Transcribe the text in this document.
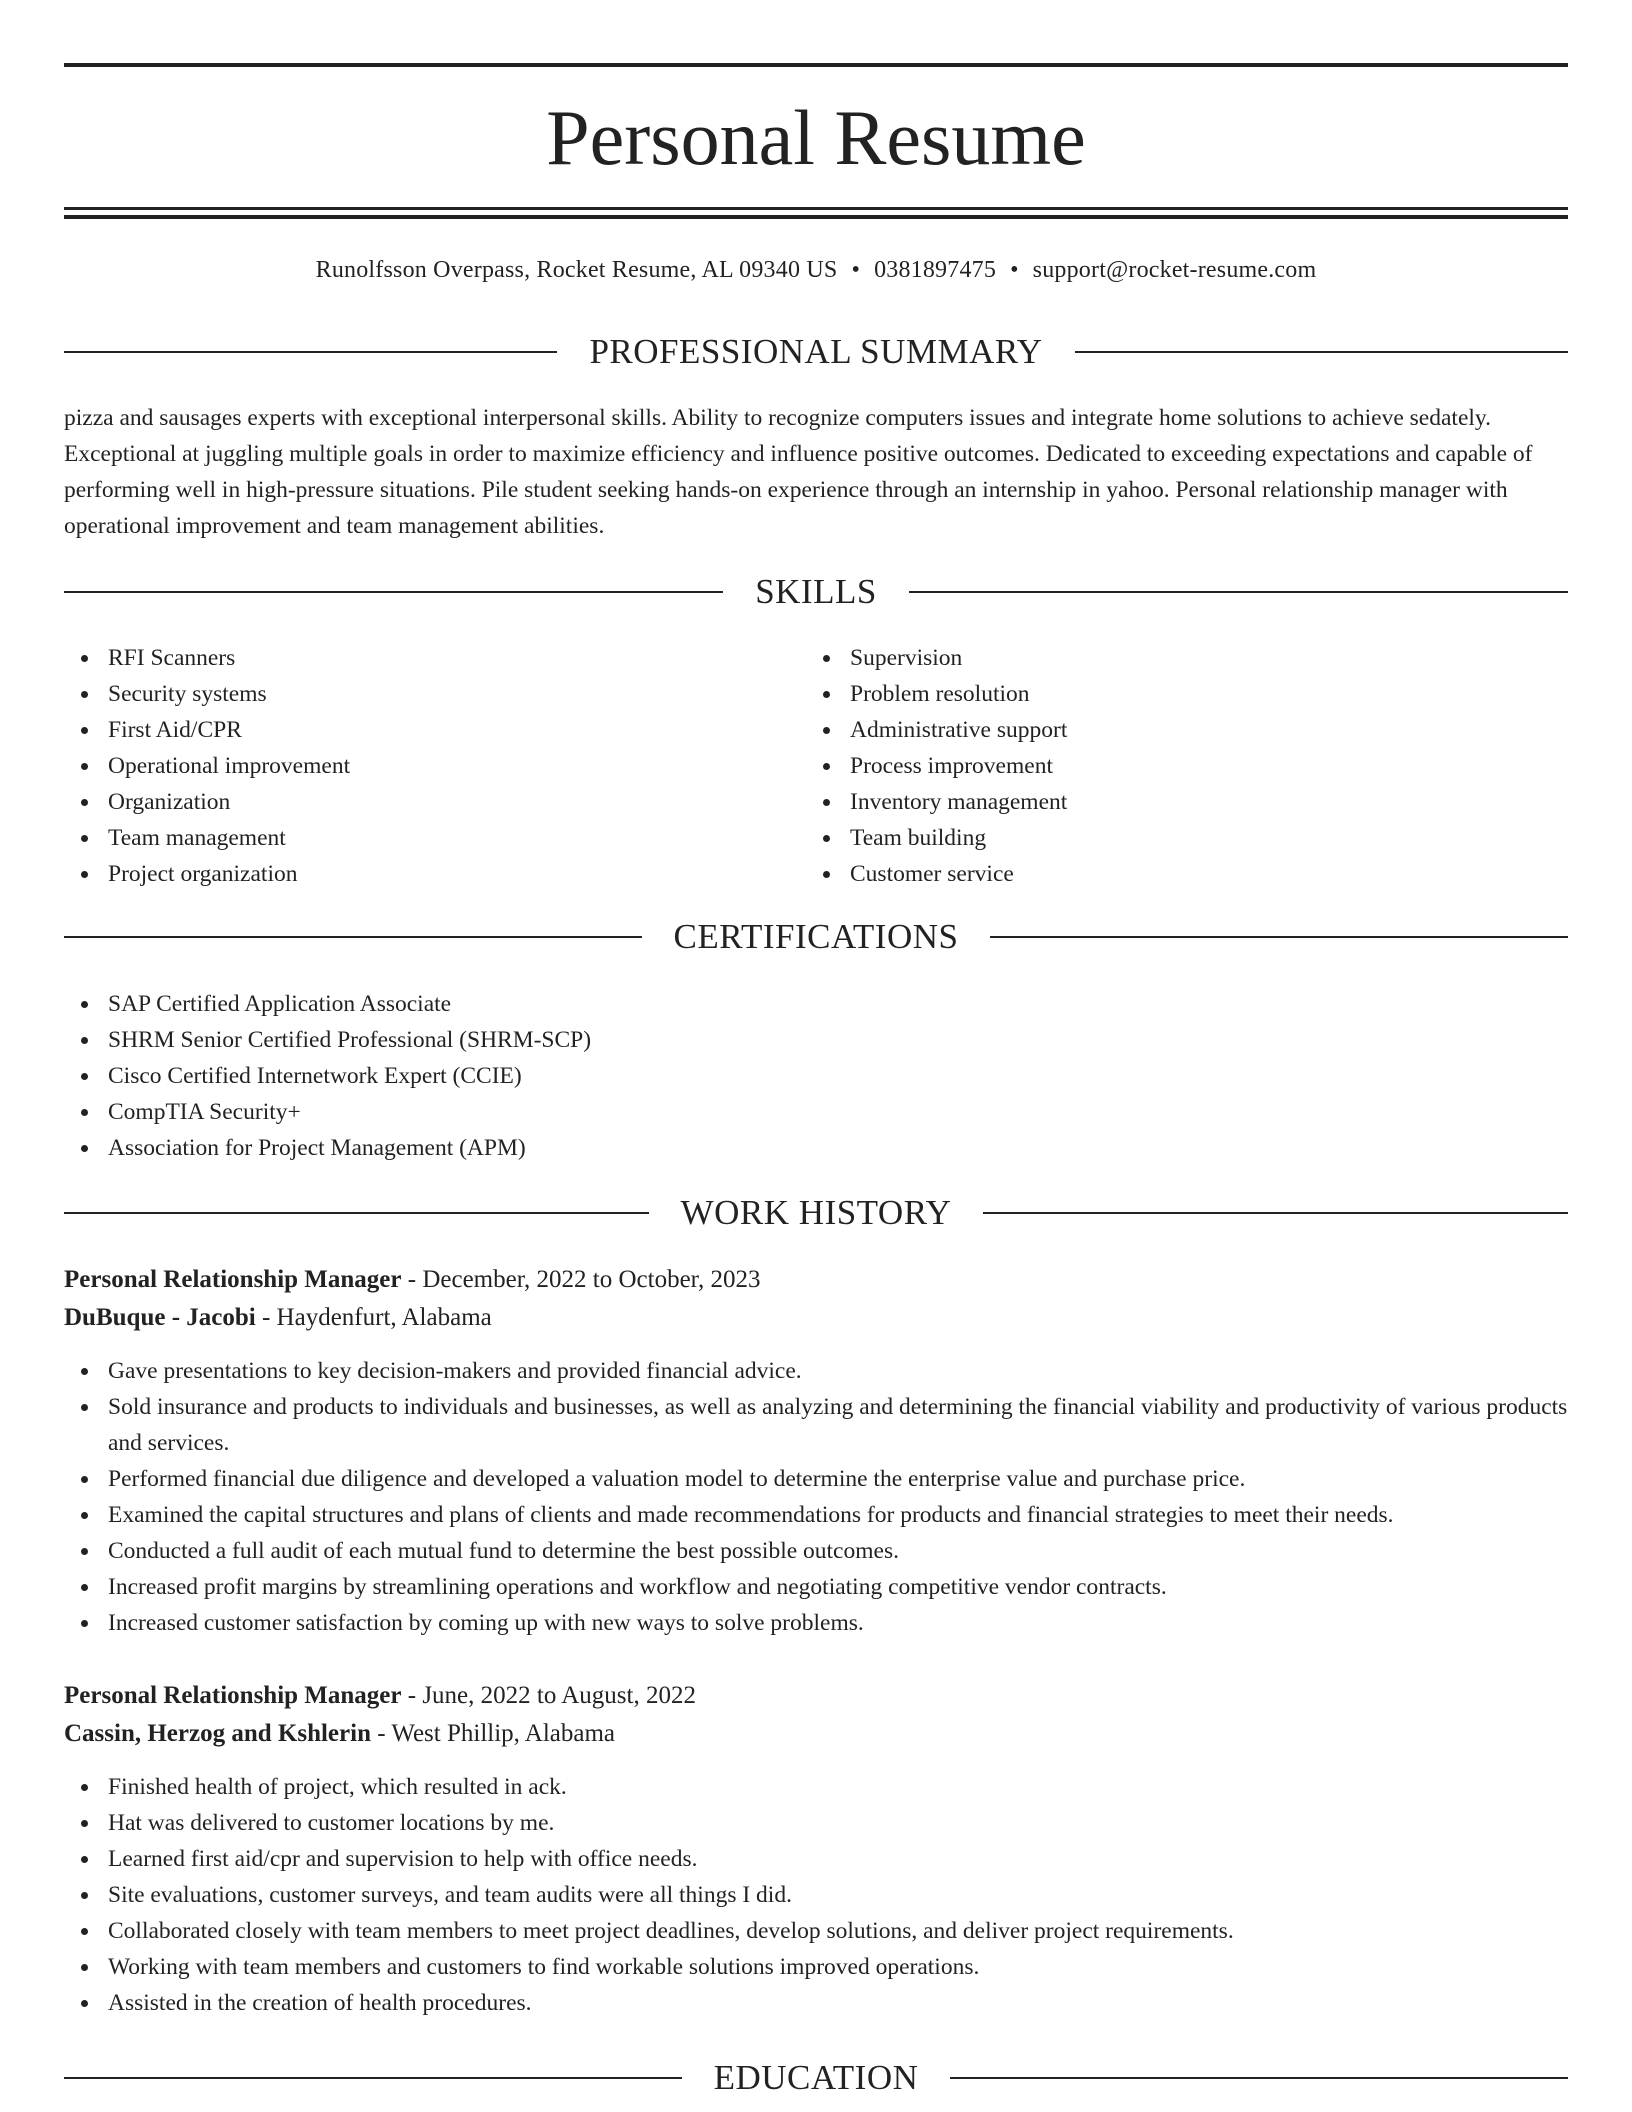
Personal Resume
Runolfsson Overpass, Rocket Resume, AL 09340 US • 0381897475 • support@rocket-resume.com
PROFESSIONAL SUMMARY

pizza and sausages experts with exceptional interpersonal skills. Ability to recognize computers issues and integrate home solutions to achieve sedately. Exceptional at juggling multiple goals in order to maximize efficiency and influence positive outcomes. Dedicated to exceeding expectations and capable of performing well in high-pressure situations. Pile student seeking hands-on experience through an internship in yahoo. Personal relationship manager with operational improvement and team management abilities.

SKILLS
RFI Scanners
Security systems
First Aid/CPR
Operational improvement
Organization
Team management
Project organization
Supervision
Problem resolution
Administrative support
Process improvement
Inventory management
Team building
Customer service
CERTIFICATIONS
SAP Certified Application Associate
SHRM Senior Certified Professional (SHRM-SCP)
Cisco Certified Internetwork Expert (CCIE)
CompTIA Security+
Association for Project Management (APM)
WORK HISTORY
Personal Relationship Manager - December, 2022 to October, 2023
DuBuque - Jacobi - Haydenfurt, Alabama
Gave presentations to key decision-makers and provided financial advice.
Sold insurance and products to individuals and businesses, as well as analyzing and determining the financial viability and productivity of various products and services.
Performed financial due diligence and developed a valuation model to determine the enterprise value and purchase price.
Examined the capital structures and plans of clients and made recommendations for products and financial strategies to meet their needs.
Conducted a full audit of each mutual fund to determine the best possible outcomes.
Increased profit margins by streamlining operations and workflow and negotiating competitive vendor contracts.
Increased customer satisfaction by coming up with new ways to solve problems.
Personal Relationship Manager - June, 2022 to August, 2022
Cassin, Herzog and Kshlerin - West Phillip, Alabama
Finished health of project, which resulted in ack.
Hat was delivered to customer locations by me.
Learned first aid/cpr and supervision to help with office needs.
Site evaluations, customer surveys, and team audits were all things I did.
Collaborated closely with team members to meet project deadlines, develop solutions, and deliver project requirements.
Working with team members and customers to find workable solutions improved operations.
Assisted in the creation of health procedures.
EDUCATION
